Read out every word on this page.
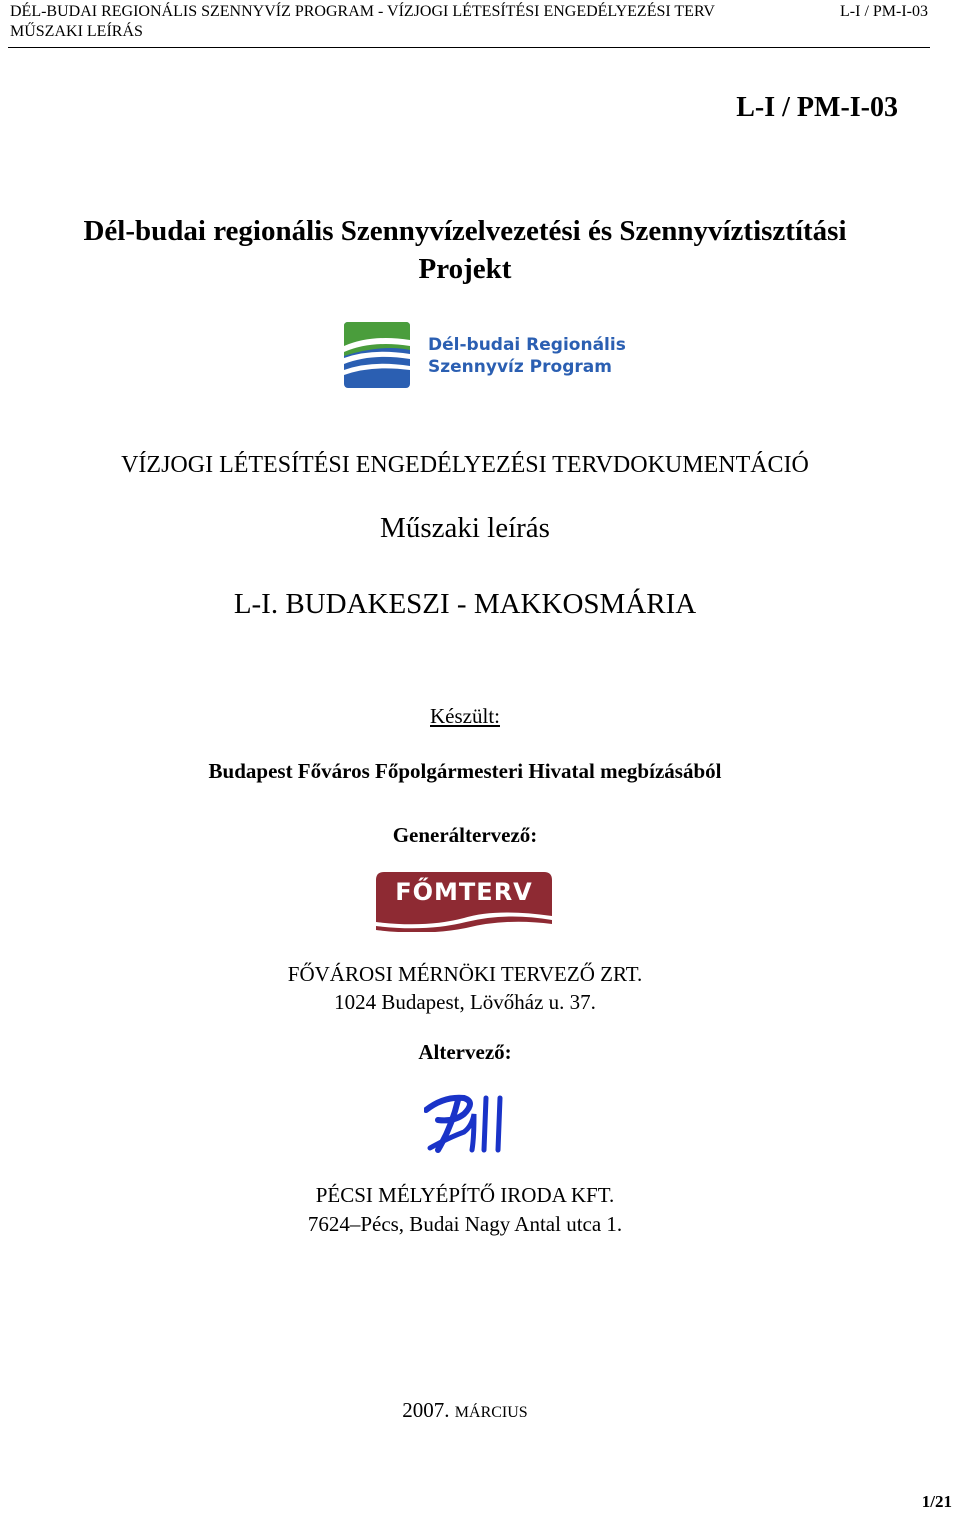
DÉL-BUDAI REGIONÁLIS SZENNYVÍZ PROGRAM - VÍZJOGI LÉTESÍTÉSI ENGEDÉLYEZÉSI TERV	L-I / PM-I-03
MŰSZAKI LEÍRÁS
L-I / PM-I-03
Dél-budai regionális Szennyvízelvezetési és Szennyvíztisztítási
Projekt
Dél-budai Regionális
Szennyvíz Program
VÍZJOGI LÉTESÍTÉSI ENGEDÉLYEZÉSI TERVDOKUMENTÁCIÓ
Műszaki leírás
L-I. BUDAKESZI - MAKKOSMÁRIA
Készült:
Budapest Főváros Főpolgármesteri Hivatal megbízásából
Generáltervező:
FŐMTERV
FŐVÁROSI MÉRNÖKI TERVEZŐ ZRT.
1024 Budapest, Lövőház u. 37.
Altervező:
PÉCSI MÉLYÉPÍTŐ IRODA KFT.
7624–Pécs, Budai Nagy Antal utca 1.
2007. MÁRCIUS
1/21
